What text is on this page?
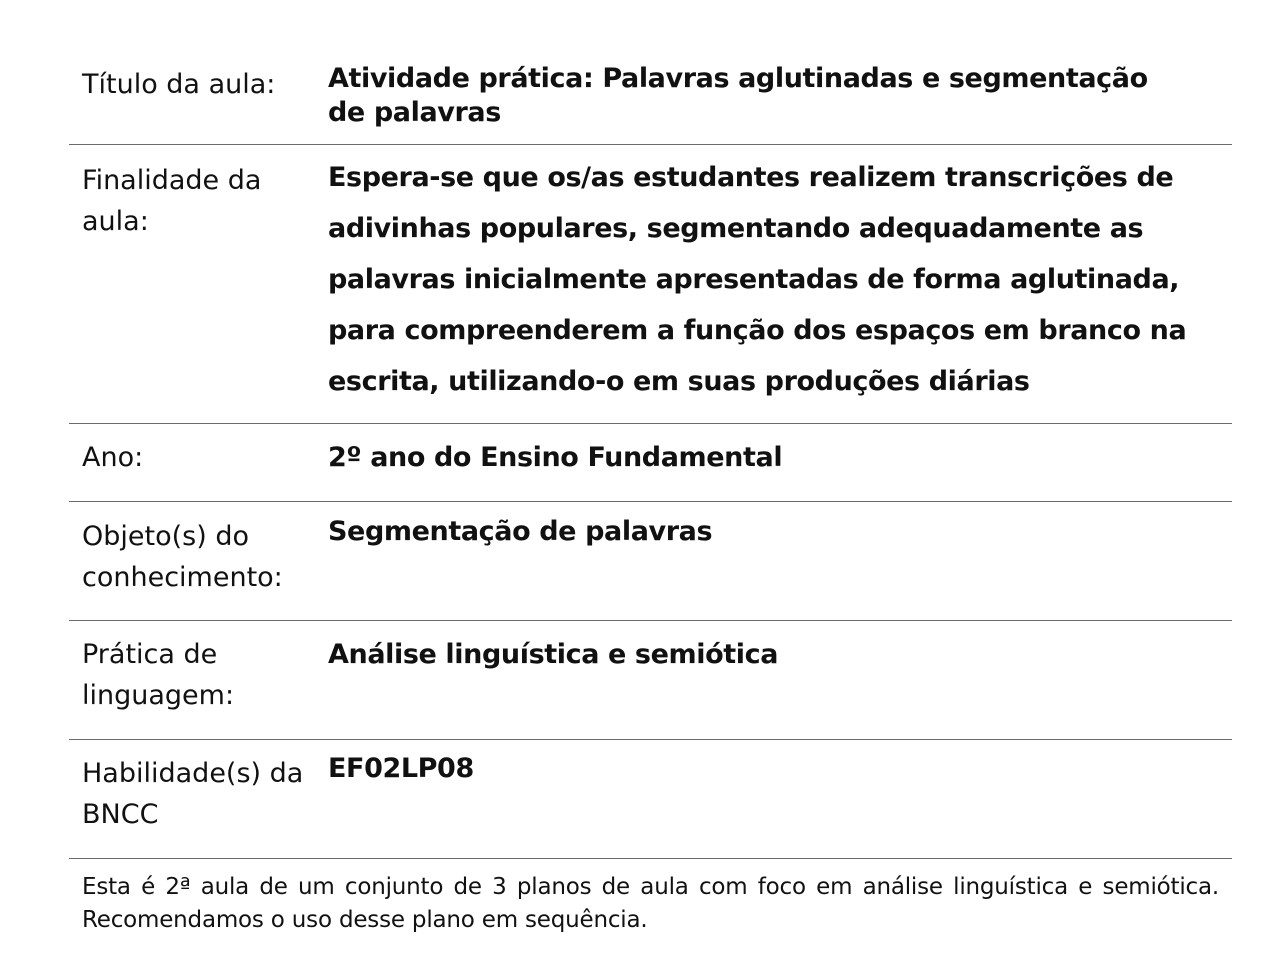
Título da aula:	Atividade prática: Palavras aglutinadas e segmentação de palavras
Finalidade da aula:
Espera-se que os/as estudantes realizem transcrições de adivinhas populares, segmentando adequadamente as palavras inicialmente apresentadas de forma aglutinada, para compreenderem a função dos espaços em branco na escrita, utilizando-o em suas produções diárias
Ano:	2º ano do Ensino Fundamental
Objeto(s) do conhecimento:
Segmentação de palavras
Prática de linguagem:
Análise linguística e semiótica
Habilidade(s) da BNCC
EF02LP08
Esta é 2ª aula de um conjunto de 3 planos de aula com foco em análise linguística e semiótica. Recomendamos o uso desse plano em sequência.
